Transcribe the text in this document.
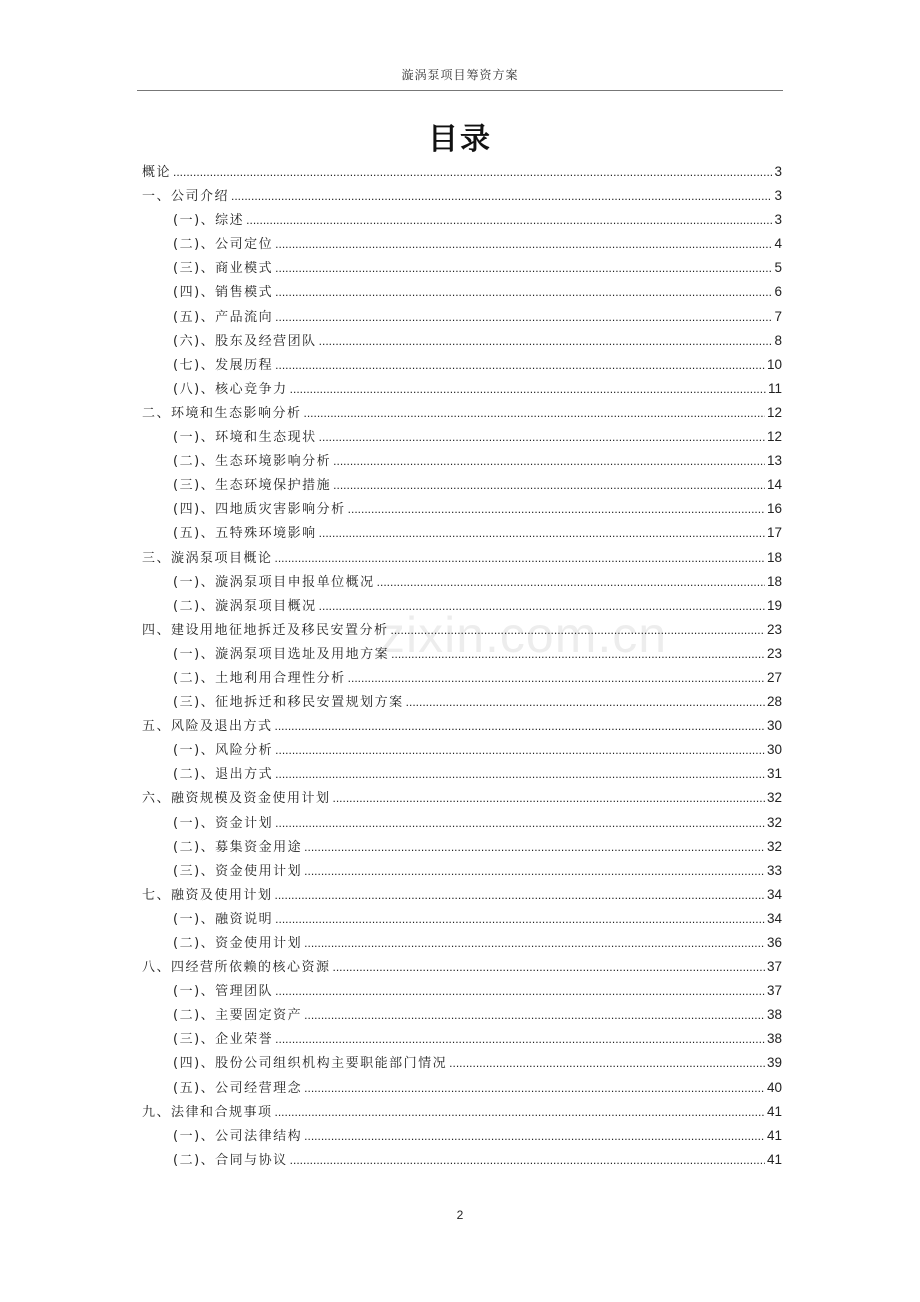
漩涡泵项目筹资方案
目录
zixin.com.cn
概论 .....	3
一、公司介绍 .....	3
(一)、综述 .....	3
(二)、公司定位 .....	4
(三)、商业模式 .....	5
(四)、销售模式 .....	6
(五)、产品流向 .....	7
(六)、股东及经营团队 .....	8
(七)、发展历程 .....	10
(八)、核心竞争力 .....	11
二、环境和生态影响分析 .....	12
(一)、环境和生态现状 .....	12
(二)、生态环境影响分析 .....	13
(三)、生态环境保护措施 .....	14
(四)、四地质灾害影响分析 .....	16
(五)、五特殊环境影响 .....	17
三、漩涡泵项目概论 .....	18
(一)、漩涡泵项目申报单位概况 .....	18
(二)、漩涡泵项目概况 .....	19
四、建设用地征地拆迁及移民安置分析 .....	23
(一)、漩涡泵项目选址及用地方案 .....	23
(二)、土地利用合理性分析 .....	27
(三)、征地拆迁和移民安置规划方案 .....	28
五、风险及退出方式 .....	30
(一)、风险分析 .....	30
(二)、退出方式 .....	31
六、融资规模及资金使用计划 .....	32
(一)、资金计划 .....	32
(二)、募集资金用途 .....	32
(三)、资金使用计划 .....	33
七、融资及使用计划 .....	34
(一)、融资说明 .....	34
(二)、资金使用计划 .....	36
八、四经营所依赖的核心资源 .....	37
(一)、管理团队 .....	37
(二)、主要固定资产 .....	38
(三)、企业荣誉 .....	38
(四)、股份公司组织机构主要职能部门情况 .....	39
(五)、公司经营理念 .....	40
九、法律和合规事项 .....	41
(一)、公司法律结构 .....	41
(二)、合同与协议 .....	41
2
